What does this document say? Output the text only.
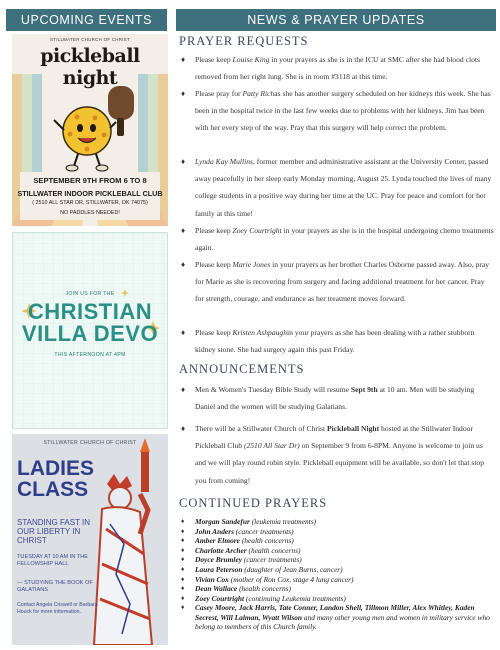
UPCOMING EVENTS	NEWS & PRAYER UPDATES
STILLWATER CHURCH OF CHRIST
pickleball night
SEPTEMBER 9TH FROM 6 TO 8
STILLWATER INDOOR PICKLEBALL CLUB
( 2510 ALL STAR DR, STILLWATER, OK 74075)
NO PADDLES NEEDED!
JOIN US FOR THE
CHRISTIAN
VILLA DEVO
THIS AFTERNOON AT 4PM
STILLWATER CHURCH OF CHRIST
LADIES
CLASS
STANDING FAST IN OUR LIBERTY IN CHRIST
TUESDAY AT 10 AM IN THE FELLOWSHIP HALL
— STUDYING THE BOOK OF GALATIANS
Contact Angela Criswell or Barbara Houck for more information.
PRAYER REQUESTS
♦ Please keep Louise King in your prayers as she is in the ICU at SMC after she had blood clots removed from her right lung. She is in room #3118 at this time.
♦ Please pray for Patty Richas she has another surgery scheduled on her kidneys this week. She has been in the hospital twice in the last few weeks due to problems with her kidneys. Jim has been with her every step of the way. Pray that this surgery will help correct the problem.
♦ Lynda Kay Mullins, former member and administrative assistant at the University Center, passed away peacefully in her sleep early Monday morning, August 25. Lynda touched the lives of many college students in a positive way during her time at the UC. Pray for peace and comfort for her family at this time!
♦ Please keep Zoey Courtright in your prayers as she is in the hospital undergoing chemo treatments again.
♦ Please keep Marie Jones in your prayers as her brother Charles Osborne passed away. Also, pray for Marie as she is recovering from surgery and facing additional treatment for her cancer. Pray for strength, courage, and endurance as her treatment moves forward.
♦ Please keep Kristen Ashpaughin your prayers as she has been dealing with a rather stubborn kidney stone. She had surgery again this past Friday.
ANNOUNCEMENTS
♦ Men & Women's Tuesday Bible Study will resume Sept 9th at 10 am. Men will be studying Daniel and the women will be studying Galatians.
♦ There will be a Stillwater Church of Christ Pickleball Night hosted at the Stillwater Indoor Pickleball Club (2510 All Star Dr) on September 9 from 6-8PM. Anyone is welcome to join us and we will play round robin style. Pickleball equipment will be available, so don't let that stop you from coming!
CONTINUED PRAYERS
♦ Morgan Sandefur (leukemia treatments)
♦ John Anders (cancer treatments)
♦ Amber Elmore (health concerns)
♦ Charlotte Archer (health concerns)
♦ Doyce Brumley (cancer treatments)
♦ Laura Peterson (daughter of Jean Burns, cancer)
♦ Vivian Cox (mother of Ron Cox, stage 4 lung cancer)
♦ Dean Wallace (health concerns)
♦ Zoey Courtright (continuing Leukemia treatments)
♦ Casey Moore, Jack Harris, Tate Conner, Landon Shell, Tillmon Miller, Alex Whitley, Kaden Secrest, Will Lalman, Wyatt Wilson and many other young men and women in military service who belong to members of this Church family.
